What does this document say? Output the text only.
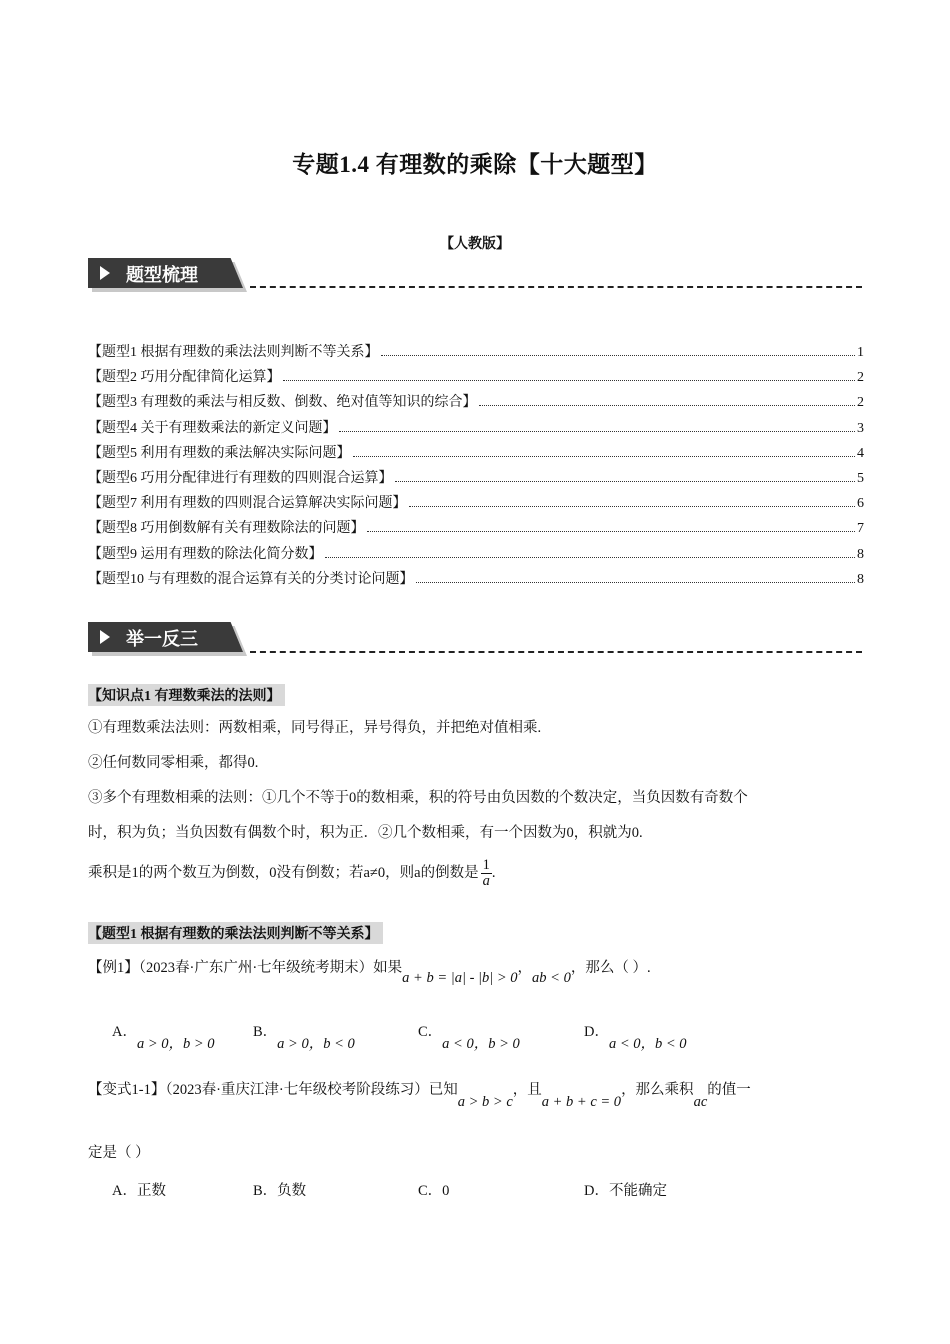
专题1.4 有理数的乘除【十大题型】
【人教版】
题型梳理
【题型1 根据有理数的乘法法则判断不等关系】	1
【题型2 巧用分配律简化运算】	2
【题型3 有理数的乘法与相反数、倒数、绝对值等知识的综合】	2
【题型4 关于有理数乘法的新定义问题】	3
【题型5 利用有理数的乘法解决实际问题】	4
【题型6 巧用分配律进行有理数的四则混合运算】	5
【题型7 利用有理数的四则混合运算解决实际问题】	6
【题型8 巧用倒数解有关有理数除法的问题】	7
【题型9 运用有理数的除法化简分数】	8
【题型10 与有理数的混合运算有关的分类讨论问题】	8
举一反三
【知识点1 有理数乘法的法则】
①有理数乘法法则：两数相乘，同号得正，异号得负，并把绝对值相乘.
②任何数同零相乘，都得0.
③多个有理数相乘的法则：①几个不等于0的数相乘，积的符号由负因数的个数决定，当负因数有奇数个
时，积为负；当负因数有偶数个时，积为正．②几个数相乘，有一个因数为0，积就为0.
乘积是1的两个数互为倒数，0没有倒数；若a≠0，则a的倒数是 $\frac{1}{a}$ .
【题型1 根据有理数的乘法法则判断不等关系】
【例1】（2023春·广东广州·七年级统考期末）如果a + b = |a| - |b| > 0，ab < 0，那么（ ）.
A．a > 0，b > 0
B．a > 0，b < 0
C．a < 0，b > 0
D．a < 0，b < 0
【变式1-1】（2023春·重庆江津·七年级校考阶段练习）已知a > b > c，且a + b + c = 0，那么乘积ac的值一
定是（ ）
A．正数	B．负数	C．0	D．不能确定
